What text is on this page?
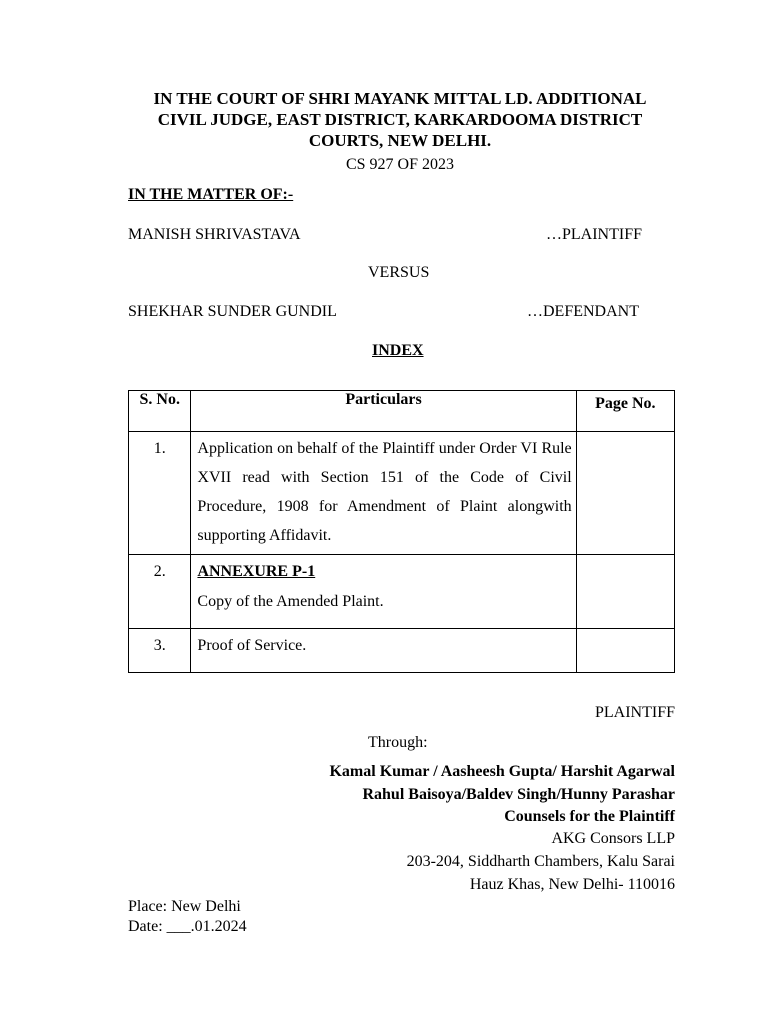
IN THE COURT OF SHRI MAYANK MITTAL LD. ADDITIONAL
CIVIL JUDGE, EAST DISTRICT, KARKARDOOMA DISTRICT
COURTS, NEW DELHI.
CS 927 OF 2023
IN THE MATTER OF:-
MANISH SHRIVASTAVA	…PLAINTIFF
VERSUS
SHEKHAR SUNDER GUNDIL	…DEFENDANT
INDEX
S. No.	Particulars	Page No.
1.	Application on behalf of the Plaintiff under Order VI Rule XVII read with Section 151 of the Code of Civil Procedure, 1908 for Amendment of Plaint alongwith supporting Affidavit.	
2.	ANNEXURE P-1
Copy of the Amended Plaint.	

3.	Proof of Service.	
PLAINTIFF
Through:
Kamal Kumar / Aasheesh Gupta/ Harshit Agarwal
Rahul Baisoya/Baldev Singh/Hunny Parashar
Counsels for the Plaintiff
AKG Consors LLP
203-204, Siddharth Chambers, Kalu Sarai
Hauz Khas, New Delhi- 110016
Place: New Delhi
Date: ___.01.2024
